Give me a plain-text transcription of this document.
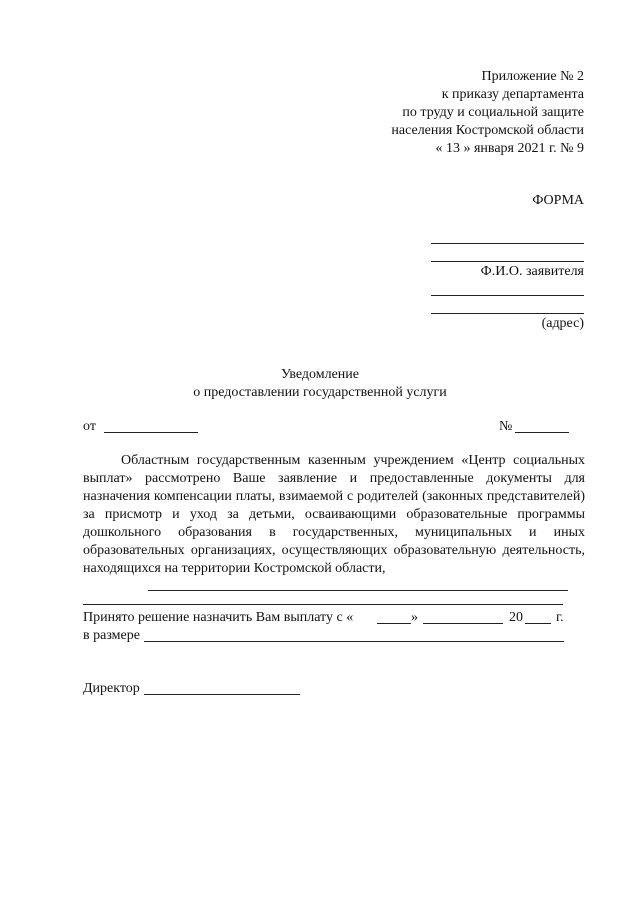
Приложение № 2
к приказу департамента
по труду и социальной защите
населения Костромской области
« 13 » января 2021 г. № 9
ФОРМА
Ф.И.О. заявителя
(адрес)
Уведомление
о предоставлении государственной услуги
от	№
Областным государственным казенным учреждением «Центр социальных выплат» рассмотрено Ваше заявление и предоставленные документы для назначения компенсации платы, взимаемой с родителей (законных представителей) за присмотр и уход за детьми, осваивающими образовательные программы дошкольного образования в государственных, муниципальных и иных образовательных организациях, осуществляющих образовательную деятельность, находящихся на территории Костромской области,
Принято решение назначить Вам выплату с «	»	20 г.
в размере
Директор
